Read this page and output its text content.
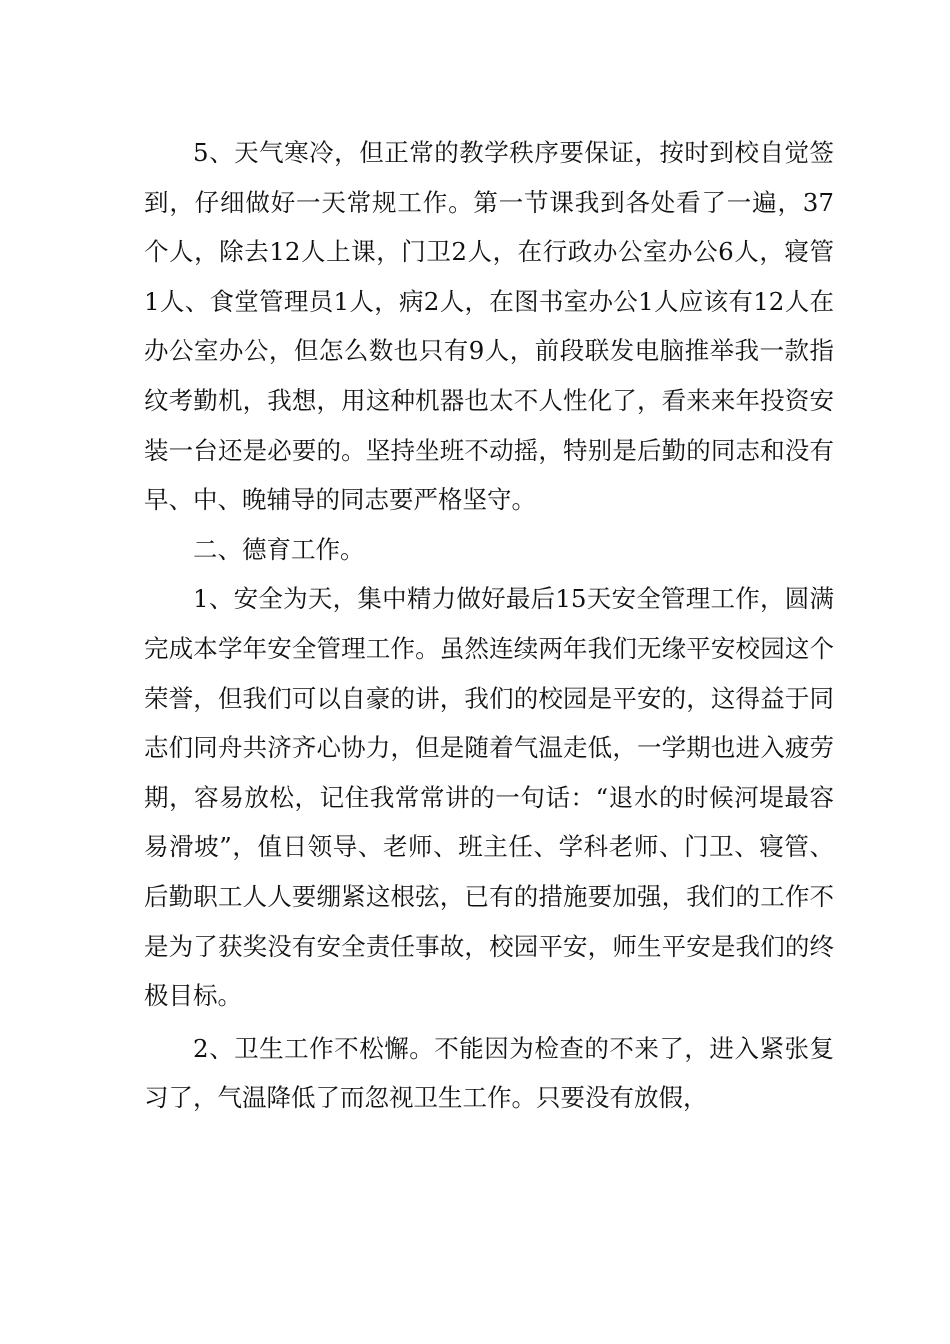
5、天气寒冷，但正常的教学秩序要保证，按时到校自觉签到，仔细做好一天常规工作。第一节课我到各处看了一遍，37个人，除去12人上课，门卫2人，在行政办公室办公6人，寝管1人、食堂管理员1人，病2人，在图书室办公1人应该有12人在办公室办公，但怎么数也只有9人，前段联发电脑推举我一款指纹考勤机，我想，用这种机器也太不人性化了，看来来年投资安装一台还是必要的。坚持坐班不动摇，特别是后勤的同志和没有早、中、晚辅导的同志要严格坚守。

二、德育工作。

1、安全为天，集中精力做好最后15天安全管理工作，圆满完成本学年安全管理工作。虽然连续两年我们无缘平安校园这个荣誉，但我们可以自豪的讲，我们的校园是平安的，这得益于同志们同舟共济齐心协力，但是随着气温走低，一学期也进入疲劳期，容易放松，记住我常常讲的一句话：“退水的时候河堤最容易滑坡”，值日领导、老师、班主任、学科老师、门卫、寝管、后勤职工人人要绷紧这根弦，已有的措施要加强，我们的工作不是为了获奖没有安全责任事故，校园平安，师生平安是我们的终极目标。

2、卫生工作不松懈。不能因为检查的不来了，进入紧张复习了，气温降低了而忽视卫生工作。只要没有放假，
